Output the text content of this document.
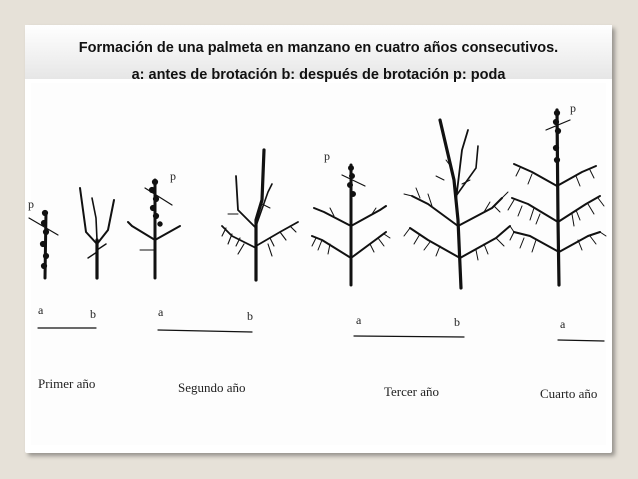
Formación de una palmeta en manzano en cuatro años consecutivos.
a: antes de brotación b: después de brotación p: poda
p
a	b
p
a	b
p
a	b
p
a
Primer año	Segundo año	Tercer año	Cuarto año
